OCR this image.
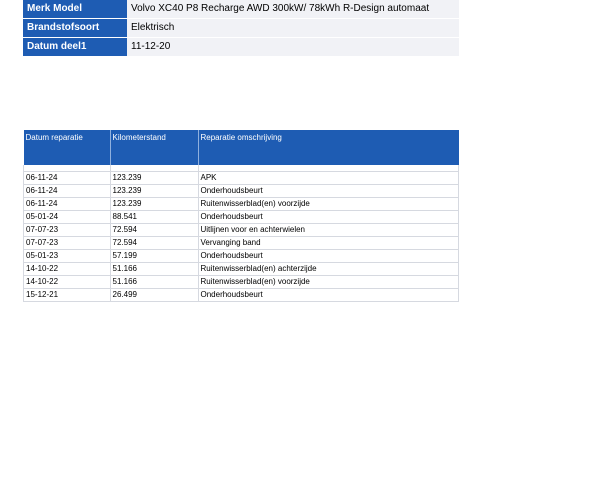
Merk Model	Volvo XC40 P8 Recharge AWD 300kW/ 78kWh R-Design automaat
Brandstofsoort	Elektrisch
Datum deel1	11-12-20
Datum reparatie	Kilometerstand	Reparatie omschrijving

06-11-24	123.239	APK
06-11-24	123.239	Onderhoudsbeurt
06-11-24	123.239	Ruitenwisserblad(en) voorzijde
05-01-24	88.541	Onderhoudsbeurt
07-07-23	72.594	Uitlijnen voor en achterwielen
07-07-23	72.594	Vervanging band
05-01-23	57.199	Onderhoudsbeurt
14-10-22	51.166	Ruitenwisserblad(en) achterzijde
14-10-22	51.166	Ruitenwisserblad(en) voorzijde
15-12-21	26.499	Onderhoudsbeurt
